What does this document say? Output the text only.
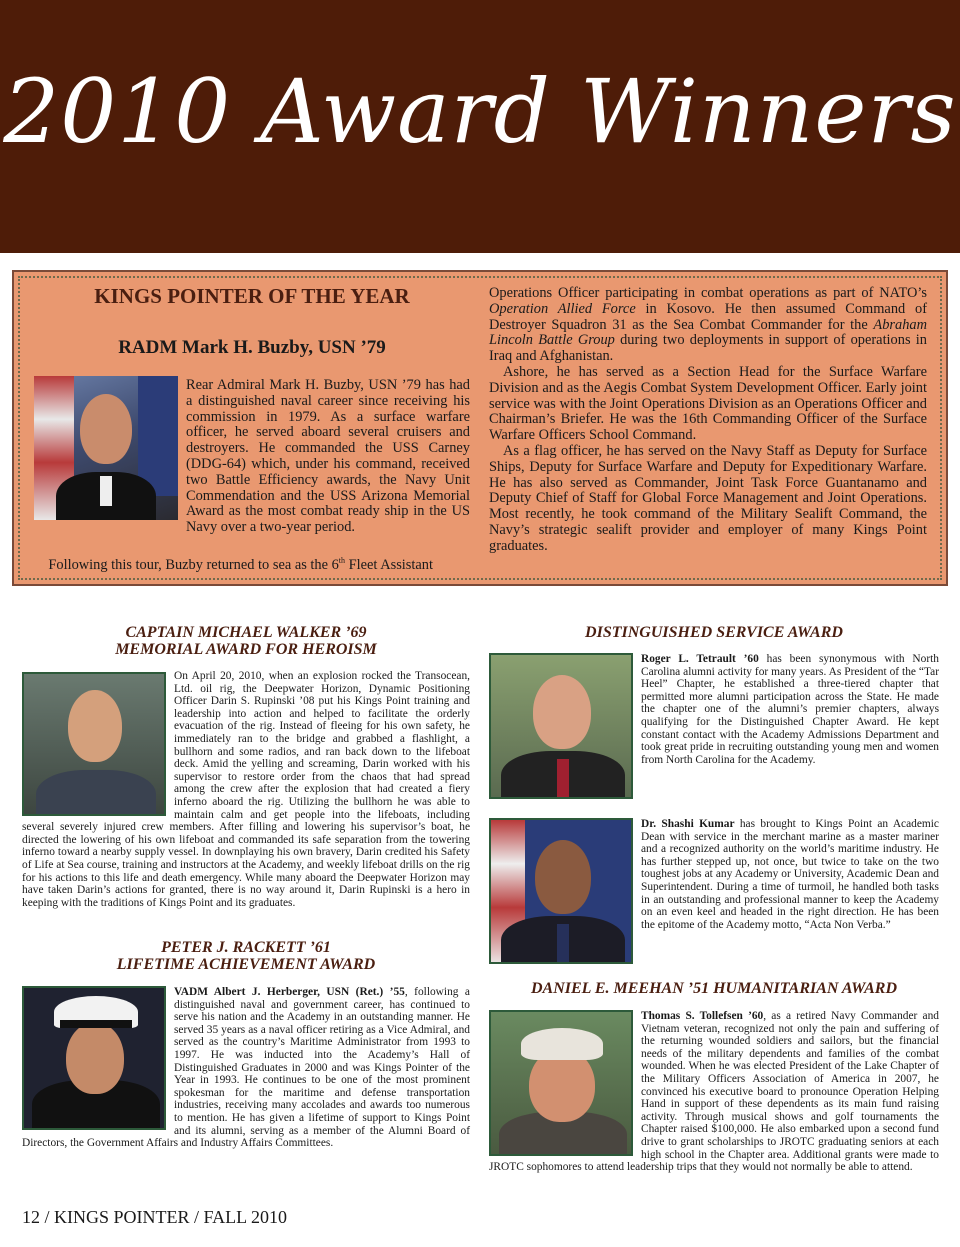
2010 Award Winners
KINGS POINTER OF THE YEAR
RADM Mark H. Buzby, USN ’79

Rear Admiral Mark H. Buzby, USN ’79 has had a distinguished naval career since receiving his commission in 1979. As a surface warfare officer, he served aboard several cruisers and destroyers. He commanded the USS Carney (DDG-64) which, under his command, received two Battle Efficiency awards, the Navy Unit Commendation and the USS Arizona Memorial Award as the most combat ready ship in the US Navy over a two-year period.

Following this tour, Buzby returned to sea as the 6th Fleet Assistant

Operations Officer participating in combat operations as part of NATO’s Operation Allied Force in Kosovo. He then assumed Command of Destroyer Squadron 31 as the Sea Combat Commander for the Abraham Lincoln Battle Group during two deployments in support of operations in Iraq and Afghanistan.

Ashore, he has served as a Section Head for the Surface Warfare Division and as the Aegis Combat System Development Officer. Early joint service was with the Joint Operations Division as an Operations Officer and Chairman’s Briefer. He was the 16th Commanding Officer of the Surface Warfare Officers School Command.

As a flag officer, he has served on the Navy Staff as Deputy for Surface Ships, Deputy for Surface Warfare and Deputy for Expeditionary Warfare. He has also served as Commander, Joint Task Force Guantanamo and Deputy Chief of Staff for Global Force Management and Joint Operations. Most recently, he took command of the Military Sealift Command, the Navy’s strategic sealift provider and employer of many Kings Point graduates.

CAPTAIN MICHAEL WALKER ’69
MEMORIAL AWARD FOR HEROISM
On April 20, 2010, when an explosion rocked the Transocean, Ltd. oil rig, the Deepwater Horizon, Dynamic Positioning Officer Darin S. Rupinski ’08 put his Kings Point training and leadership into action and helped to facilitate the orderly evacuation of the rig. Instead of fleeing for his own safety, he immediately ran to the bridge and grabbed a flashlight, a bullhorn and some radios, and ran back down to the lifeboat deck. Amid the yelling and screaming, Darin worked with his supervisor to restore order from the chaos that had spread among the crew after the explosion that had created a fiery inferno aboard the rig. Utilizing the bullhorn he was able to maintain calm and get people into the lifeboats, including several severely injured crew members. After filling and lowering his supervisor’s boat, he directed the lowering of his own lifeboat and commanded its safe separation from the towering inferno toward a nearby supply vessel. In downplaying his own bravery, Darin credited his Safety of Life at Sea course, training and instructors at the Academy, and weekly lifeboat drills on the rig for his actions to this life and death emergency. While many aboard the Deepwater Horizon may have taken Darin’s actions for granted, there is no way around it, Darin Rupinski is a hero in keeping with the traditions of Kings Point and its graduates.
PETER J. RACKETT ’61
LIFETIME ACHIEVEMENT AWARD
VADM Albert J. Herberger, USN (Ret.) ’55, following a distinguished naval and government career, has continued to serve his nation and the Academy in an outstanding manner. He served 35 years as a naval officer retiring as a Vice Admiral, and served as the country’s Maritime Administrator from 1993 to 1997. He was inducted into the Academy’s Hall of Distinguished Graduates in 2000 and was Kings Pointer of the Year in 1993. He continues to be one of the most prominent spokesman for the maritime and defense transportation industries, receiving many accolades and awards too numerous to mention. He has given a lifetime of support to Kings Point and its alumni, serving as a member of the Alumni Board of Directors, the Government Affairs and Industry Affairs Committees.
DISTINGUISHED SERVICE AWARD
Roger L. Tetrault ’60 has been synonymous with North Carolina alumni activity for many years. As President of the “Tar Heel” Chapter, he established a three-tiered chapter that permitted more alumni participation across the State. He made the chapter one of the alumni’s premier chapters, always qualifying for the Distinguished Chapter Award. He kept constant contact with the Academy Admissions Department and took great pride in recruiting outstanding young men and women from North Carolina for the Academy.
Dr. Shashi Kumar has brought to Kings Point an Academic Dean with service in the merchant marine as a master mariner and a recognized authority on the world’s maritime industry. He has further stepped up, not once, but twice to take on the two toughest jobs at any Academy or University, Academic Dean and Superintendent. During a time of turmoil, he handled both tasks in an outstanding and professional manner to keep the Academy on an even keel and headed in the right direction. He has been the epitome of the Academy motto, “Acta Non Verba.”
DANIEL E. MEEHAN ’51 HUMANITARIAN AWARD
Thomas S. Tollefsen ’60, as a retired Navy Commander and Vietnam veteran, recognized not only the pain and suffering of the returning wounded soldiers and sailors, but the financial needs of the military dependents and families of the combat wounded. When he was elected President of the Lake Chapter of the Military Officers Association of America in 2007, he convinced his executive board to pronounce Operation Helping Hand in support of these dependents as its main fund raising activity. Through musical shows and golf tournaments the Chapter raised $100,000. He also embarked upon a second fund drive to grant scholarships to JROTC graduating seniors at each high school in the Chapter area. Additional grants were made to JROTC sophomores to attend leadership trips that they would not normally be able to attend.
12 / KINGS POINTER / FALL 2010
